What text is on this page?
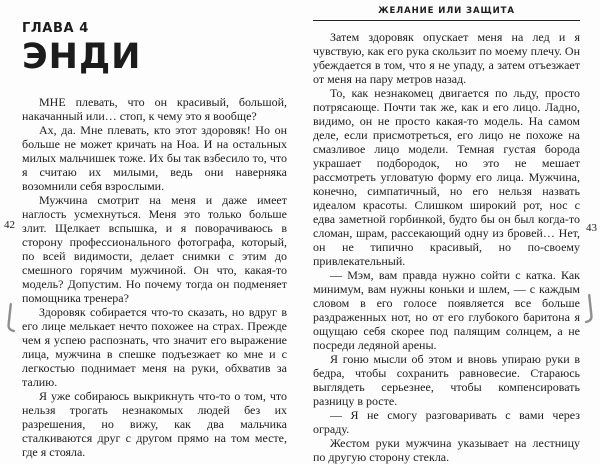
42
ГЛАВА 4
ЭНДИ

МНЕ плевать, что он красивый, большой, накачанный или… стоп, к чему это я вообще?

Ах, да. Мне плевать, кто этот здоровяк! Но он больше не может кричать на Ноа. И на остальных милых мальчишек тоже. Их бы так взбесило то, что я считаю их милыми, ведь они наверняка возомнили себя взрослыми.

Мужчина смотрит на меня и даже имеет наглость усмехнуться. Меня это только больше злит. Щелкает вспышка, и я поворачиваюсь в сторону профессионального фотографа, который, по всей видимости, делает снимки с этим до смешного горячим мужчиной. Он что, какая-то модель? Допустим. Но почему тогда он подменяет помощника тренера?

Здоровяк собирается что-то сказать, но вдруг в его лице мелькает нечто похожее на страх. Прежде чем я успею распознать, что значит его выражение лица, мужчина в спешке подъезжает ко мне и с легкостью поднимает меня на руки, обхватив за талию.

Я уже собираюсь выкрикнуть что-то о том, что нельзя трогать незнакомых людей без их разрешения, но вижу, как два мальчика сталкиваются друг с другом прямо на том месте, где я стояла.

ЖЕЛАНИЕ ИЛИ ЗАЩИТА

Затем здоровяк опускает меня на лед и я чувствую, как его рука скользит по моему плечу. Он убеждается в том, что я не упаду, а затем отъезжает от меня на пару метров назад.

То, как незнакомец двигается по льду, просто потрясающе. Почти так же, как и его лицо. Ладно, видимо, он не просто какая-то модель. На самом деле, если присмотреться, его лицо не похоже на смазливое лицо модели. Темная густая борода украшает подбородок, но это не мешает рассмотреть угловатую форму его лица. Мужчина, конечно, симпатичный, но его нельзя назвать идеалом красоты. Слишком широкий рот, нос с едва заметной горбинкой, будто бы он был когда-то сломан, шрам, рассекающий одну из бровей… Нет, он не типично красивый, но по-своему привлекательный.

— Мэм, вам правда нужно сойти с катка. Как минимум, вам нужны коньки и шлем, — с каждым словом в его голосе появляется все больше раздраженных нот, но от его глубокого баритона я ощущаю себя скорее под палящим солнцем, а не посреди ледяной арены.

Я гоню мысли об этом и вновь упираю руки в бедра, чтобы сохранить равновесие. Стараюсь выглядеть серьезнее, чтобы компенсировать разницу в росте.

— Я не смогу разговаривать с вами через ограду.

Жестом руки мужчина указывает на лестницу по другую сторону стекла.

43
